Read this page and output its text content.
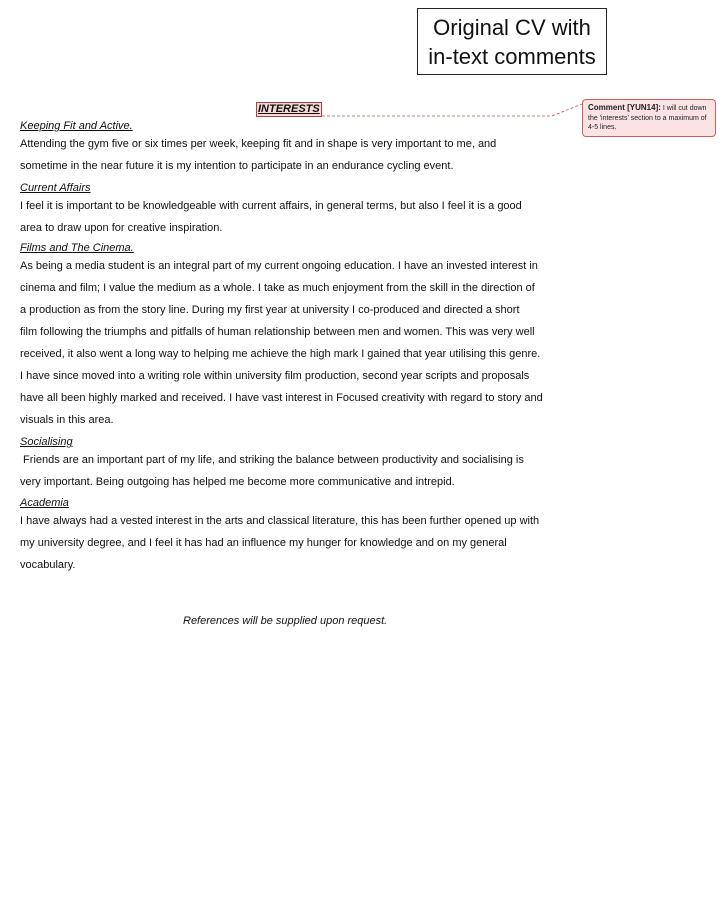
Original CV with
in-text comments
INTERESTS	Comment [YUN14]: I will cut down the 'interests' section to a maximum of 4-5 lines.
Keeping Fit and Active.
Attending the gym five or six times per week, keeping fit and in shape is very important to me, and
sometime in the near future it is my intention to participate in an endurance cycling event.
Current Affairs
I feel it is important to be knowledgeable with current affairs, in general terms, but also I feel it is a good
area to draw upon for creative inspiration.
Films and The Cinema.
As being a media student is an integral part of my current ongoing education. I have an invested interest in
cinema and film; I value the medium as a whole. I take as much enjoyment from the skill in the direction of
a production as from the story line. During my first year at university I co-produced and directed a short
film following the triumphs and pitfalls of human relationship between men and women. This was very well
received, it also went a long way to helping me achieve the high mark I gained that year utilising this genre.
I have since moved into a writing role within university film production, second year scripts and proposals
have all been highly marked and received. I have vast interest in Focused creativity with regard to story and
visuals in this area.
Socialising
Friends are an important part of my life, and striking the balance between productivity and socialising is
very important. Being outgoing has helped me become more communicative and intrepid.
Academia
I have always had a vested interest in the arts and classical literature, this has been further opened up with
my university degree, and I feel it has had an influence my hunger for knowledge and on my general
vocabulary.
References will be supplied upon request.
